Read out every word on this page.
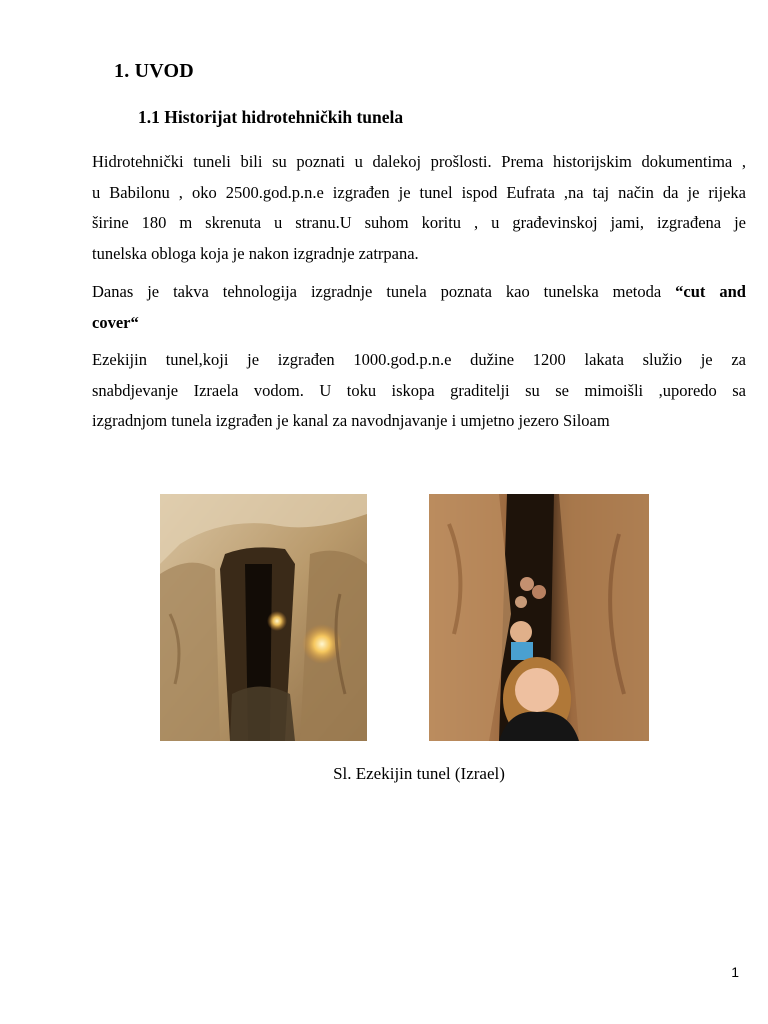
1. UVOD
1.1 Historijat hidrotehničkih tunela
Hidrotehnički tuneli bili su poznati u dalekoj prošlosti. Prema historijskim dokumentima ,
u Babilonu , oko 2500.god.p.n.e izgrađen je tunel ispod Eufrata ,na taj način da je rijeka
širine 180 m skrenuta u stranu.U suhom koritu , u građevinskoj jami, izgrađena je
tunelska obloga koja je nakon izgradnje zatrpana.
Danas je takva tehnologija izgradnje tunela poznata kao tunelska metoda “cut and
cover“
Ezekijin tunel,koji je izgrađen 1000.god.p.n.e dužine 1200 lakata služio je za
snabdjevanje Izraela vodom. U toku iskopa graditelji su se mimoišli ,uporedo sa
izgradnjom tunela izgrađen je kanal za navodnjavanje i umjetno jezero Siloam
Sl. Ezekijin tunel (Izrael)
1
